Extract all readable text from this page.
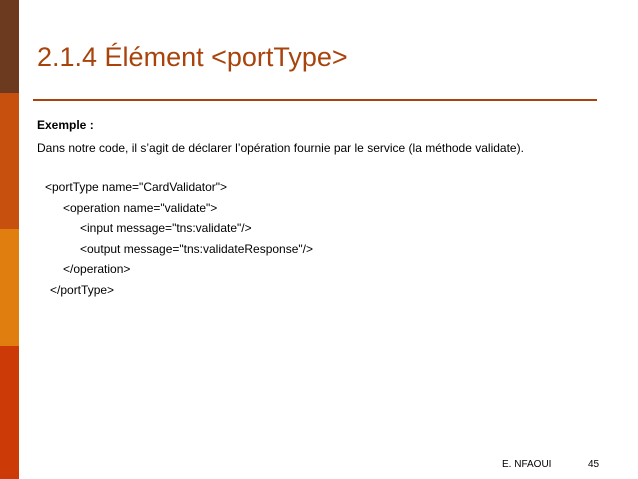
2.1.4 Élément <portType>
Exemple :
Dans notre code, il s’agit de déclarer l’opération fournie par le service (la méthode validate).
<portType name="CardValidator">
<operation name="validate">
<input message="tns:validate"/>
<output message="tns:validateResponse"/>
</operation>
</portType>
E. NFAOUI	45
